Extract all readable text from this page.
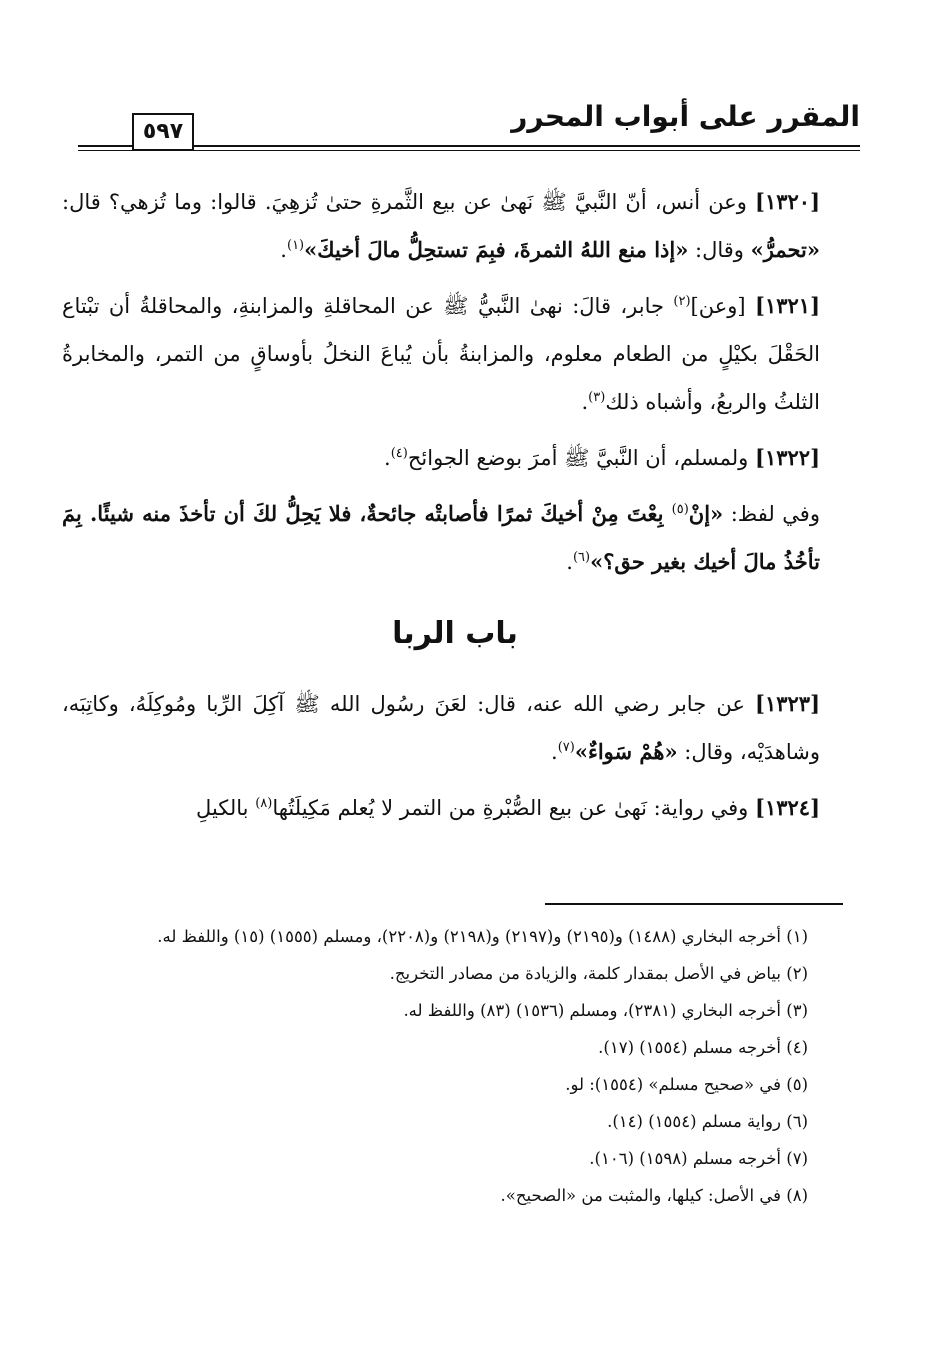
المقرر على أبواب المحرر
٥٩٧

[١٣٢٠] وعن أنس، أنّ النَّبيَّ ﷺ نَهىٰ عن بيع الثَّمرةِ حتىٰ تُزهِيَ. قالوا: وما تُزهي؟ قال: «تحمرُّ» وقال: «إذا منع اللهُ الثمرةَ، فبِمَ تستحِلُّ مالَ أخيكَ»$^{(١)}$.

[١٣٢١] [وعن]$^{(٢)}$ جابر، قالَ: نهىٰ النَّبيُّ ﷺ عن المحاقلةِ والمزابنةِ، والمحاقلةُ أن تبْتاع الحَقْلَ بكيْلٍ من الطعام معلوم، والمزابنةُ بأن يُباعَ النخلُ بأوساقٍ من التمر، والمخابرةُ الثلثُ والربعُ، وأشباه ذلك$^{(٣)}$.

[١٣٢٢] ولمسلم، أن النَّبيَّ ﷺ أمرَ بوضع الجوائح$^{(٤)}$.

وفي لفظ: «إنْ$^{(٥)}$ بِعْتَ مِنْ أخيكَ ثمرًا فأصابتْه جائحةٌ، فلا يَحِلُّ لكَ أن تأخذَ منه شيئًا. بِمَ تأخُذُ مالَ أخيك بغير حق؟»$^{(٦)}$.

باب الربا

[١٣٢٣] عن جابر رضي الله عنه، قال: لعَنَ رسُول الله ﷺ آكِلَ الرِّبا ومُوكِلَهُ، وكاتِبَه، وشاهدَيْه، وقال: «هُمْ سَواءٌ»$^{(٧)}$.

[١٣٢٤] وفي رواية: نَهىٰ عن بيع الصُّبْرةِ من التمر لا يُعلم مَكِيلَتُها$^{(٨)}$ بالكيلِ

(١) أخرجه البخاري (١٤٨٨) و(٢١٩٥) و(٢١٩٧) و(٢١٩٨) و(٢٢٠٨)، ومسلم (١٥٥٥) (١٥) واللفظ له.

(٢) بياض في الأصل بمقدار كلمة، والزيادة من مصادر التخريج.

(٣) أخرجه البخاري (٢٣٨١)، ومسلم (١٥٣٦) (٨٣) واللفظ له.

(٤) أخرجه مسلم (١٥٥٤) (١٧).

(٥) في «صحيح مسلم» (١٥٥٤): لو.

(٦) رواية مسلم (١٥٥٤) (١٤).

(٧) أخرجه مسلم (١٥٩٨) (١٠٦).

(٨) في الأصل: كيلها، والمثبت من «الصحيح».
